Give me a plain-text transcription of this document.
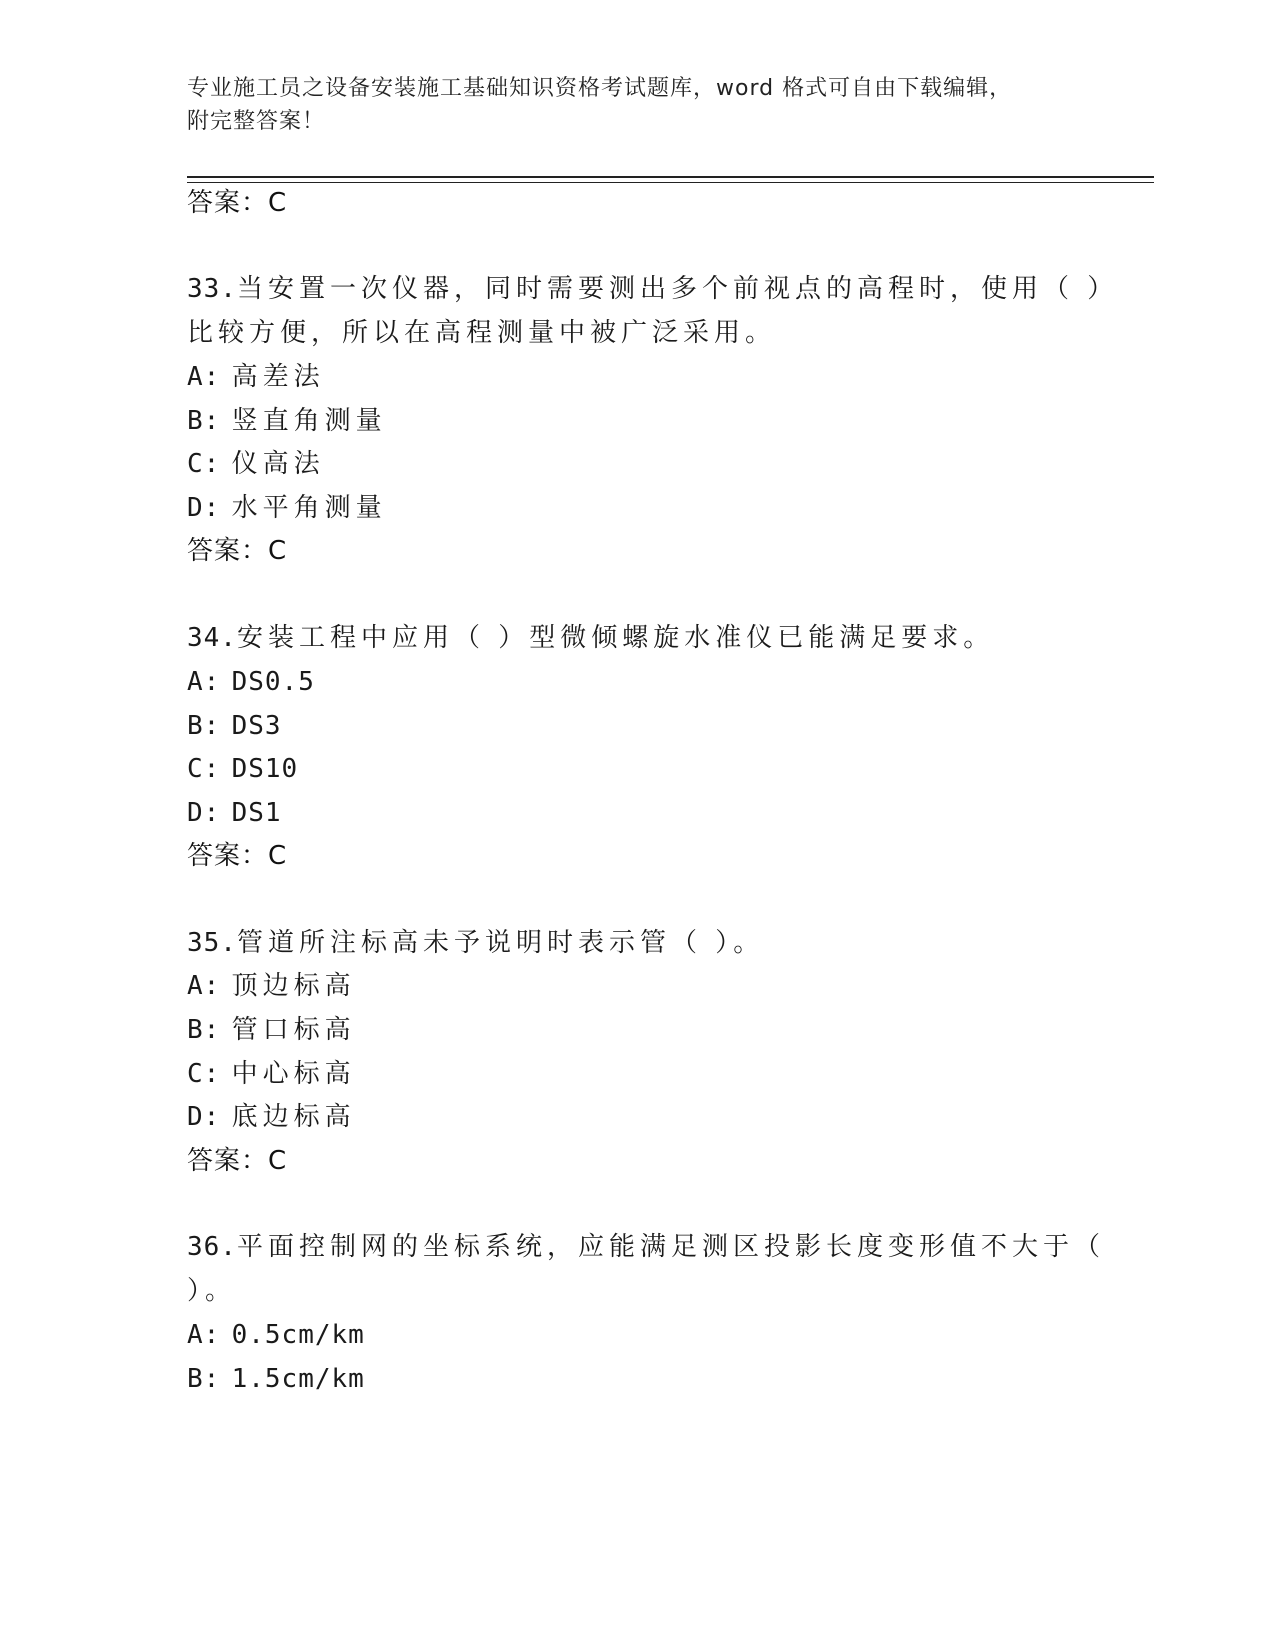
专业施工员之设备安装施工基础知识资格考试题库，word 格式可自由下载编辑，
附完整答案！
答案：C
33.当安置一次仪器，同时需要测出多个前视点的高程时，使用（ ）
比较方便，所以在高程测量中被广泛采用。
A: 高差法
B: 竖直角测量
C: 仪高法
D: 水平角测量
答案：C
34.安装工程中应用（ ）型微倾螺旋水准仪已能满足要求。
A: DS0.5
B: DS3
C: DS10
D: DS1
答案：C
35.管道所注标高未予说明时表示管（ ）。
A: 顶边标高
B: 管口标高
C: 中心标高
D: 底边标高
答案：C
36.平面控制网的坐标系统，应能满足测区投影长度变形值不大于（
）。
A: 0.5cm/km
B: 1.5cm/km
